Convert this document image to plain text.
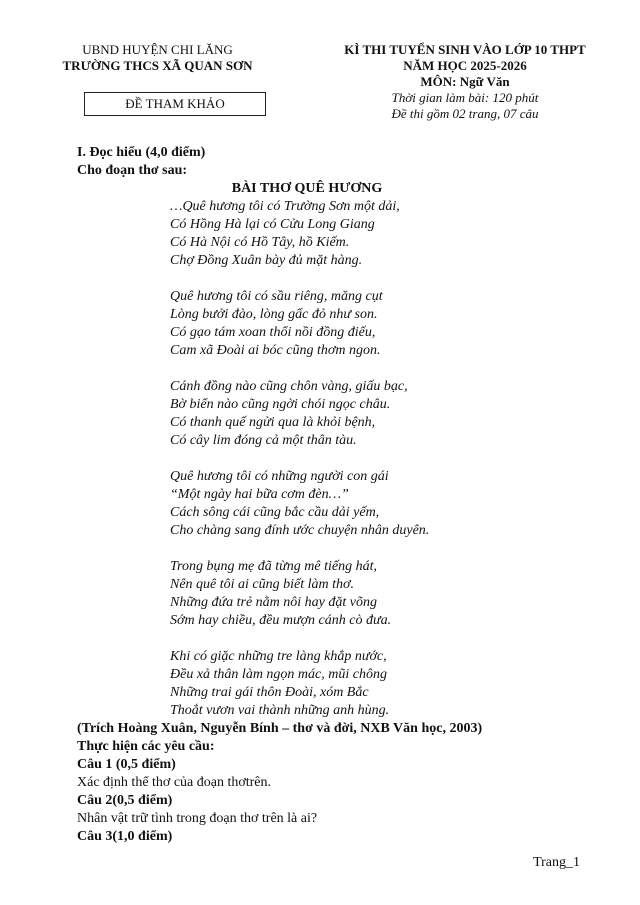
UBND HUYỆN CHI LĂNG
TRƯỜNG THCS XÃ QUAN SƠN
ĐỀ THAM KHẢO
KÌ THI TUYỂN SINH VÀO LỚP 10 THPT
NĂM HỌC 2025-2026
MÔN: Ngữ Văn
Thời gian làm bài: 120 phút
Đề thi gồm 02 trang, 07 câu
I. Đọc hiểu (4,0 điểm)
Cho đoạn thơ sau:
BÀI THƠ QUÊ HƯƠNG
…Quê hương tôi có Trường Sơn một dải,
Có Hồng Hà lại có Cửu Long Giang
Có Hà Nội có Hồ Tây, hồ Kiếm.
Chợ Đồng Xuân bày đủ mặt hàng.
Quê hương tôi có sầu riêng, măng cụt
Lòng bưởi đào, lòng gấc đỏ như son.
Có gạo tám xoan thổi nồi đồng điếu,
Cam xã Đoài ai bóc cũng thơm ngon.
Cánh đồng nào cũng chôn vàng, giấu bạc,
Bờ biển nào cũng ngời chói ngọc châu.
Có thanh quế ngửi qua là khỏi bệnh,
Có cây lim đóng cả một thân tàu.
Quê hương tôi có những người con gái
“Một ngày hai bữa cơm đèn…”
Cách sông cái cũng bắc cầu dải yếm,
Cho chàng sang đính ước chuyện nhân duyên.
Trong bụng mẹ đã từng mê tiếng hát,
Nên quê tôi ai cũng biết làm thơ.
Những đứa trẻ nằm nôi hay đặt võng
Sớm hay chiều, đều mượn cánh cò đưa.
Khi có giặc những tre làng khắp nước,
Đều xả thân làm ngọn mác, mũi chông
Những trai gái thôn Đoài, xóm Bắc
Thoắt vươn vai thành những anh hùng.
(Trích Hoàng Xuân, Nguyễn Bính – thơ và đời, NXB Văn học, 2003)
Thực hiện các yêu cầu:
Câu 1 (0,5 điểm)
Xác định thể thơ của đoạn thơtrên.
Câu 2(0,5 điểm)
Nhân vật trữ tình trong đoạn thơ trên là ai?
Câu 3(1,0 điểm)
Trang_1
